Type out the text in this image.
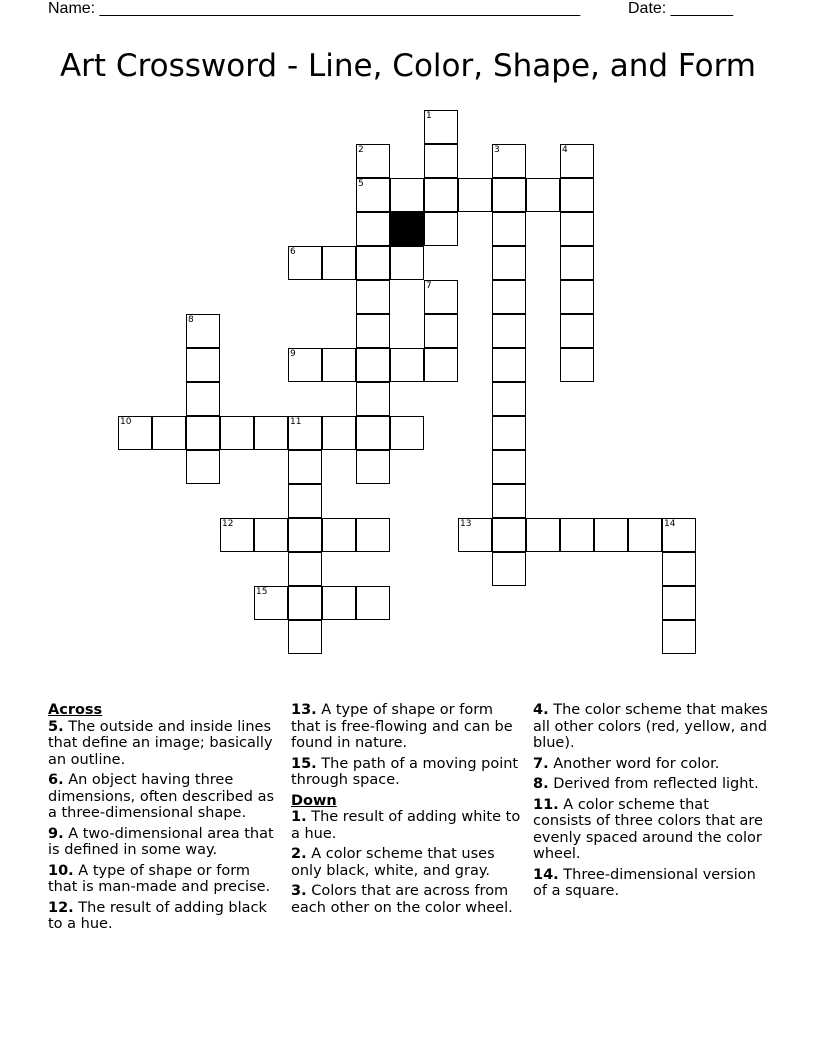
Name: ______________________________________________________	Date: _______
Art Crossword - Line, Color, Shape, and Form
1
2	3	4
5
6
7
8
9
10	11
12	13	14
15
Across
5. The outside and inside lines that define an image; basically an outline.
6. An object having three dimensions, often described as a three-dimensional shape.
9. A two-dimensional area that is defined in some way.
10. A type of shape or form that is man-made and precise.
12. The result of adding black to a hue.
13. A type of shape or form that is free-flowing and can be found in nature.
15. The path of a moving point through space.
Down
1. The result of adding white to a hue.
2. A color scheme that uses only black, white, and gray.
3. Colors that are across from each other on the color wheel.
4. The color scheme that makes all other colors (red, yellow, and blue).
7. Another word for color.
8. Derived from reflected light.
11. A color scheme that consists of three colors that are evenly spaced around the color wheel.
14. Three-dimensional version of a square.
